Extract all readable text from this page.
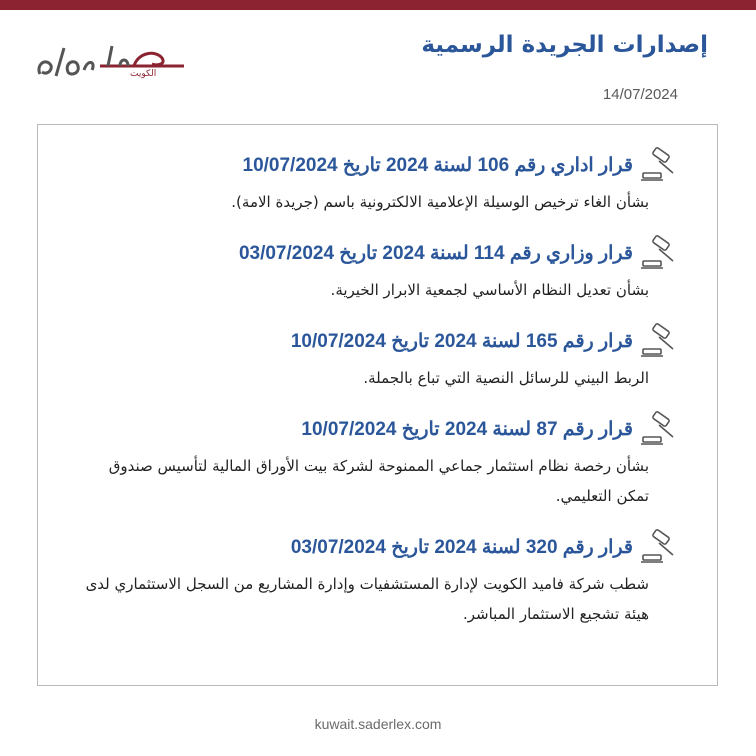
إصدارات الجريدة الرسمية
14/07/2024
الكويت
قرار اداري رقم 106 لسنة 2024 تاريخ 10/07/2024
بشأن الغاء ترخيص الوسيلة الإعلامية الالكترونية باسم (جريدة الامة).
قرار وزاري رقم 114 لسنة 2024 تاريخ 03/07/2024
بشأن تعديل النظام الأساسي لجمعية الابرار الخيرية.
قرار رقم 165 لسنة 2024 تاريخ 10/07/2024
الربط البيني للرسائل النصية التي تباع بالجملة.
قرار رقم 87 لسنة 2024 تاريخ 10/07/2024
بشأن رخصة نظام استثمار جماعي الممنوحة لشركة بيت الأوراق المالية لتأسيس صندوق تمكن التعليمي.
قرار رقم 320 لسنة 2024 تاريخ 03/07/2024
شطب شركة فاميد الكويت لإدارة المستشفيات وإدارة المشاريع من السجل الاستثماري لدى هيئة تشجيع الاستثمار المباشر.
kuwait.saderlex.com
